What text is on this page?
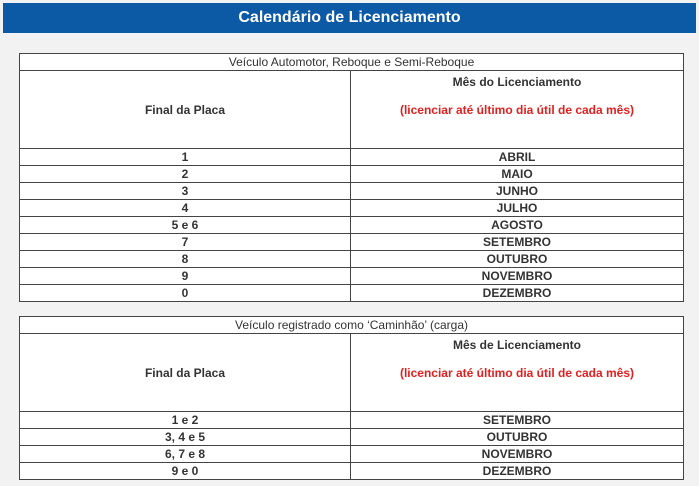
Calendário de Licenciamento
Veículo Automotor, Reboque e Semi-Reboque	
Final da Placa	Mês do Licenciamento
(licenciar até último dia útil de cada mês)

1	ABRIL
2	MAIO
3	JUNHO
4	JULHO
5 e 6	AGOSTO
7	SETEMBRO
8	OUTUBRO
9	NOVEMBRO
0	DEZEMBRO
Veículo registrado como ‘Caminhão’ (carga)	
Final da Placa	Mês de Licenciamento
(licenciar até último dia útil de cada mês)

1 e 2	SETEMBRO
3, 4 e 5	OUTUBRO
6, 7 e 8	NOVEMBRO
9 e 0	DEZEMBRO
